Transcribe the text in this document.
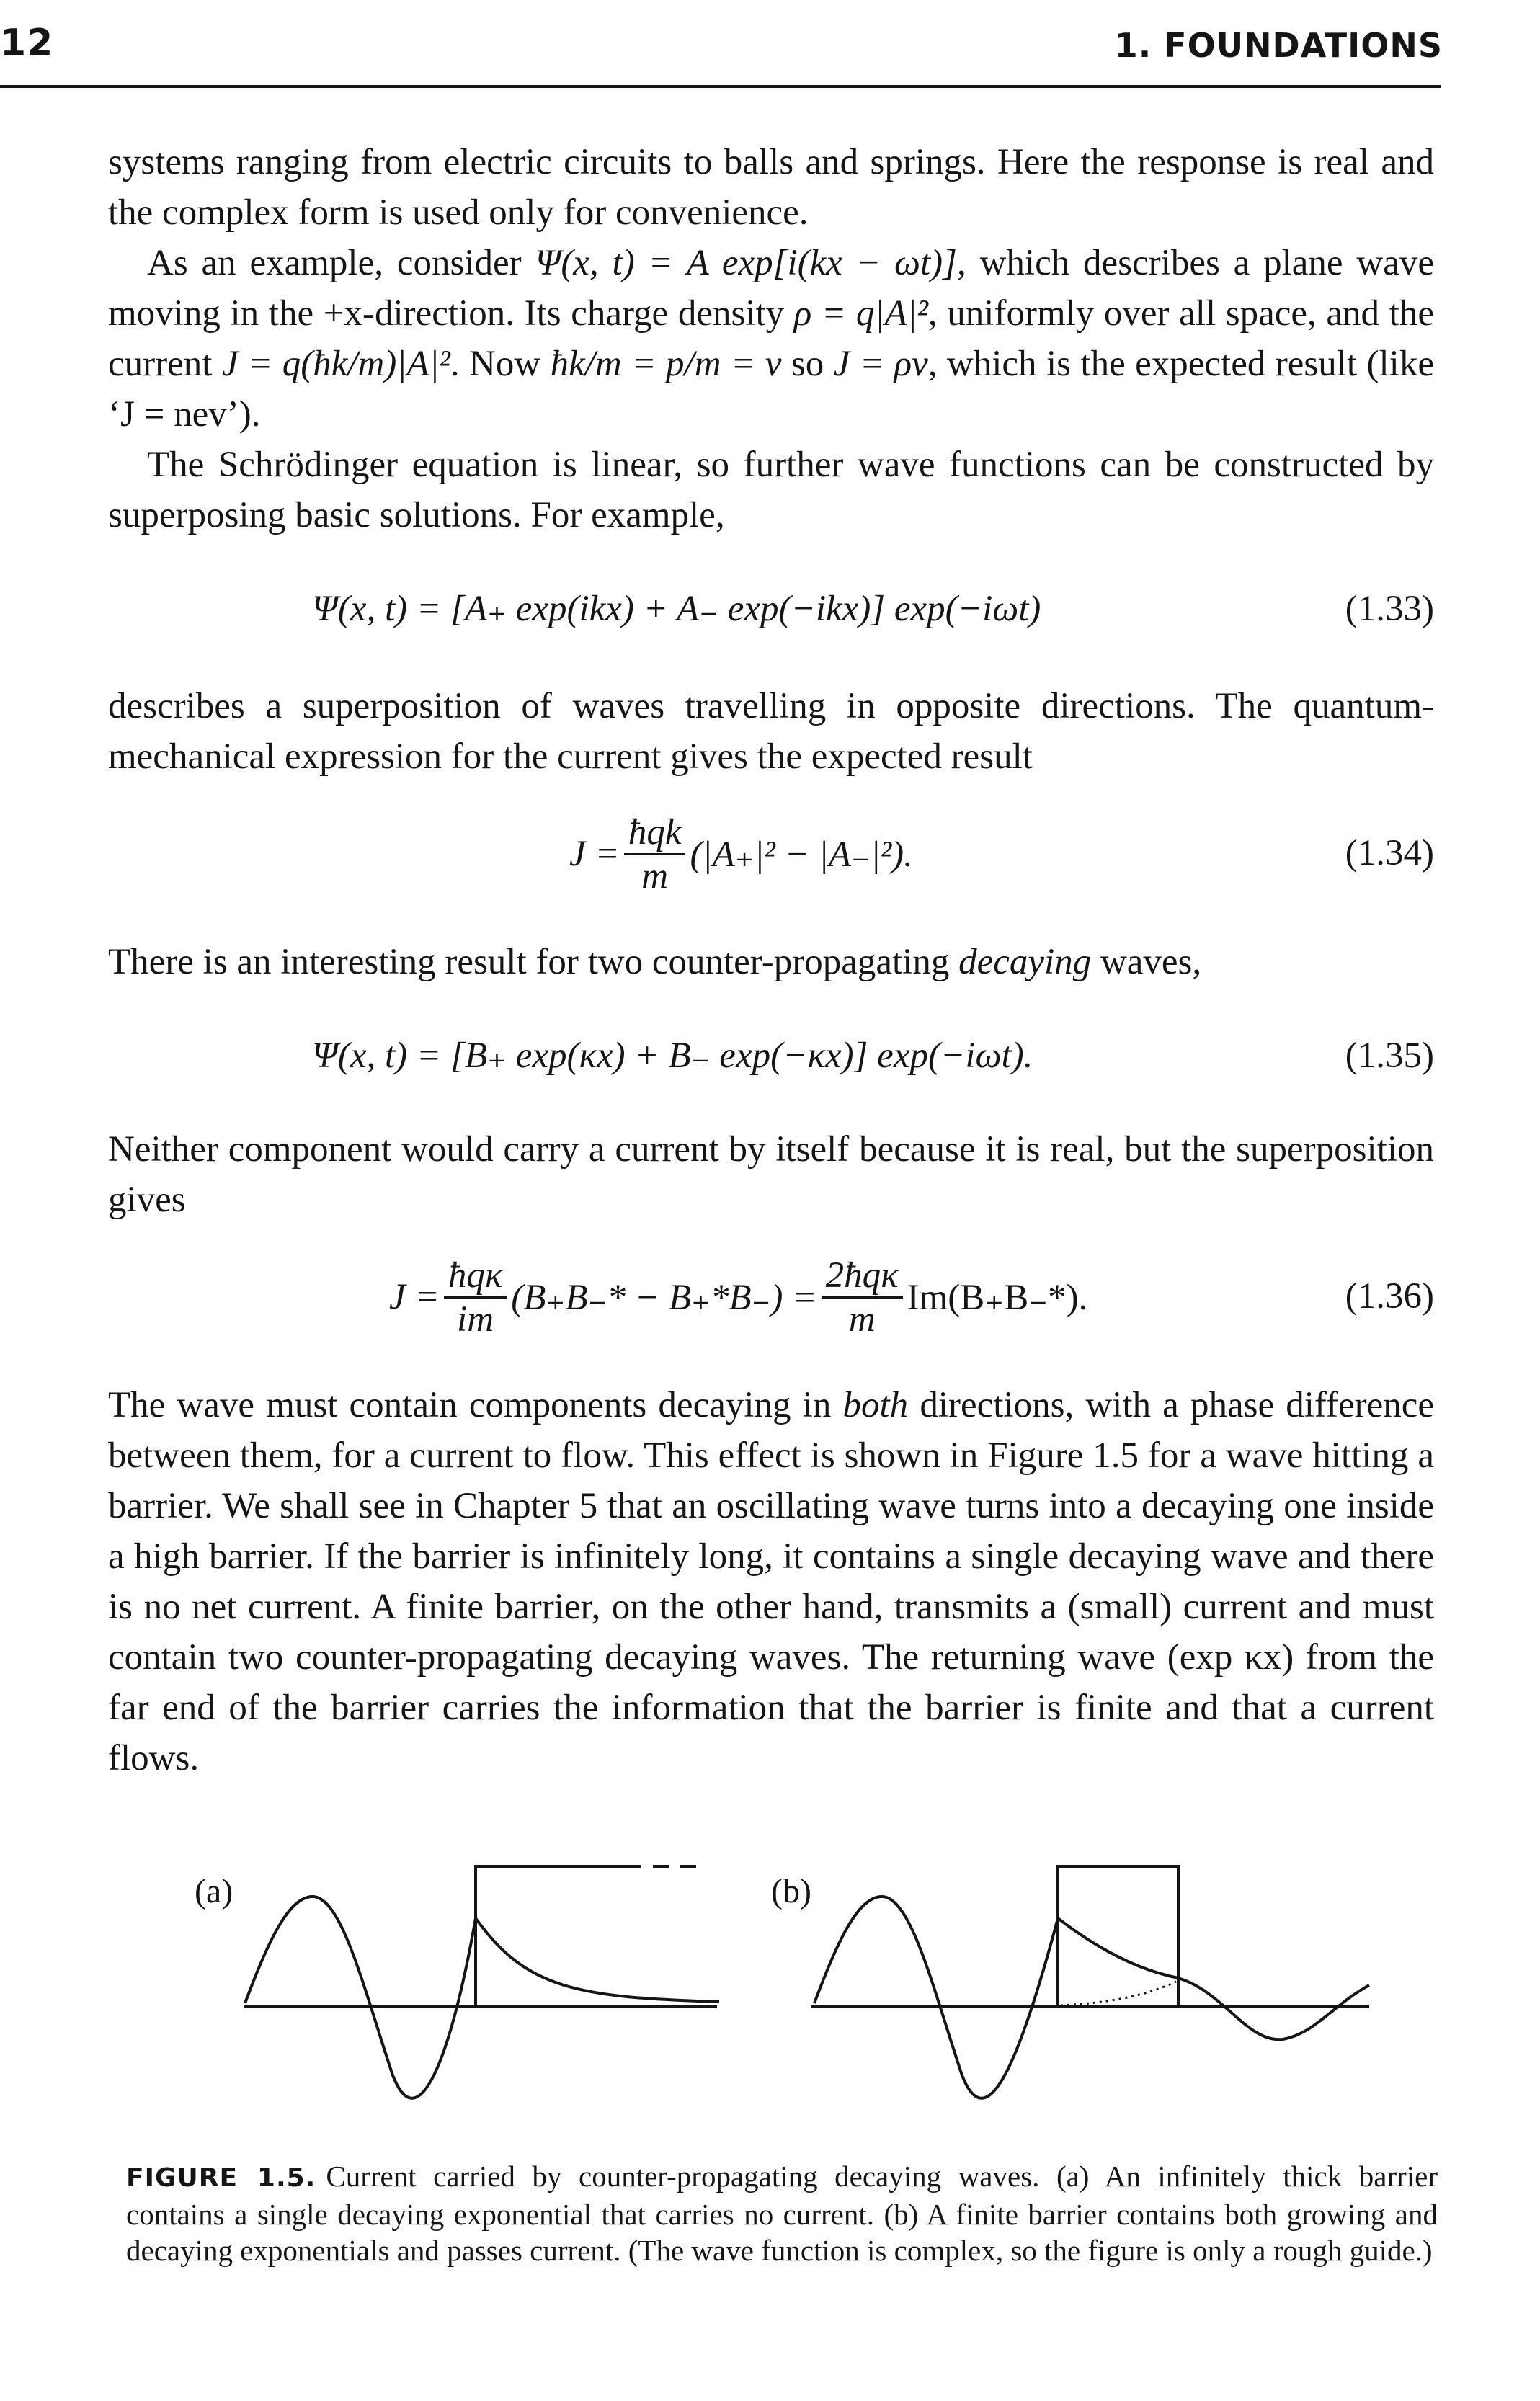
12	1. FOUNDATIONS

systems ranging from electric circuits to balls and springs. Here the response is real and the complex form is used only for convenience.

As an example, consider Ψ(x, t) = A exp[i(kx − ωt)], which describes a plane wave moving in the +x-direction. Its charge density ρ = q|A|², uniformly over all space, and the current J = q(ħk/m)|A|². Now ħk/m = p/m = v so J = ρv, which is the expected result (like ‘J = nev’).

The Schrödinger equation is linear, so further wave functions can be constructed by superposing basic solutions. For example,

Ψ(x, t) = [A₊ exp(ikx) + A₋ exp(−ikx)] exp(−iωt)	(1.33)

describes a superposition of waves travelling in opposite directions. The quantum-mechanical expression for the current gives the expected result

$J = \frac{\text{ħqk}}{m} (|A_+|^2 - |A_-|^2)$.	(1.34)

There is an interesting result for two counter-propagating decaying waves,

Ψ(x, t) = [B₊ exp(κx) + B₋ exp(−κx)] exp(−iωt).	(1.35)

Neither component would carry a current by itself because it is real, but the superposition gives

$J = \frac{\text{ħqκ}}{im} (B_+B_-* - B_+*B_-) = \frac{\text{2ħqκ}}{m} Im(B_+B_-*)$.	(1.36)

The wave must contain components decaying in both directions, with a phase difference between them, for a current to flow. This effect is shown in Figure 1.5 for a wave hitting a barrier. We shall see in Chapter 5 that an oscillating wave turns into a decaying one inside a high barrier. If the barrier is infinitely long, it contains a single decaying wave and there is no net current. A finite barrier, on the other hand, transmits a (small) current and must contain two counter-propagating decaying waves. The returning wave (exp κx) from the far end of the barrier carries the information that the barrier is finite and that a current flows.

(a)	(b)
FIGURE 1.5. Current carried by counter-propagating decaying waves. (a) An infinitely thick barrier contains a single decaying exponential that carries no current. (b) A finite barrier contains both growing and decaying exponentials and passes current. (The wave function is complex, so the figure is only a rough guide.)
